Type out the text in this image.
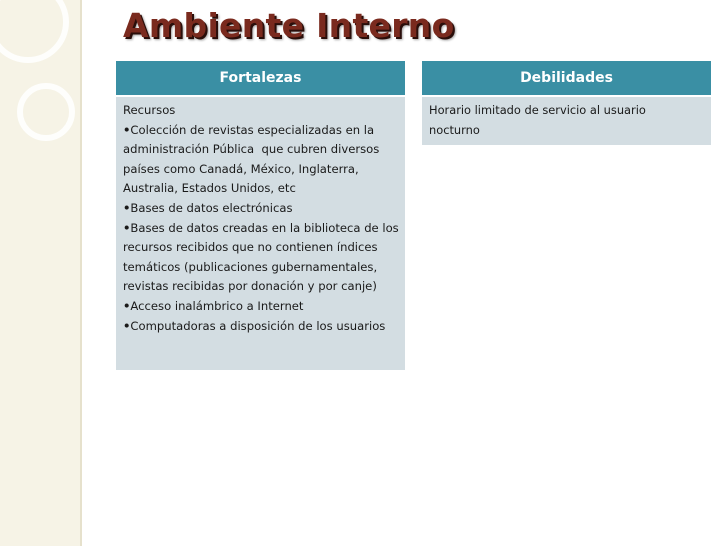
Ambiente Interno
Fortalezas
Recursos
•Colección de revistas especializadas en la
administración Pública  que cubren diversos
países como Canadá, México, Inglaterra,
Australia, Estados Unidos, etc
•Bases de datos electrónicas
•Bases de datos creadas en la biblioteca de los
recursos recibidos que no contienen índices
temáticos (publicaciones gubernamentales,
revistas recibidas por donación y por canje)
•Acceso inalámbrico a Internet
•Computadoras a disposición de los usuarios
Debilidades
Horario limitado de servicio al usuario
nocturno
